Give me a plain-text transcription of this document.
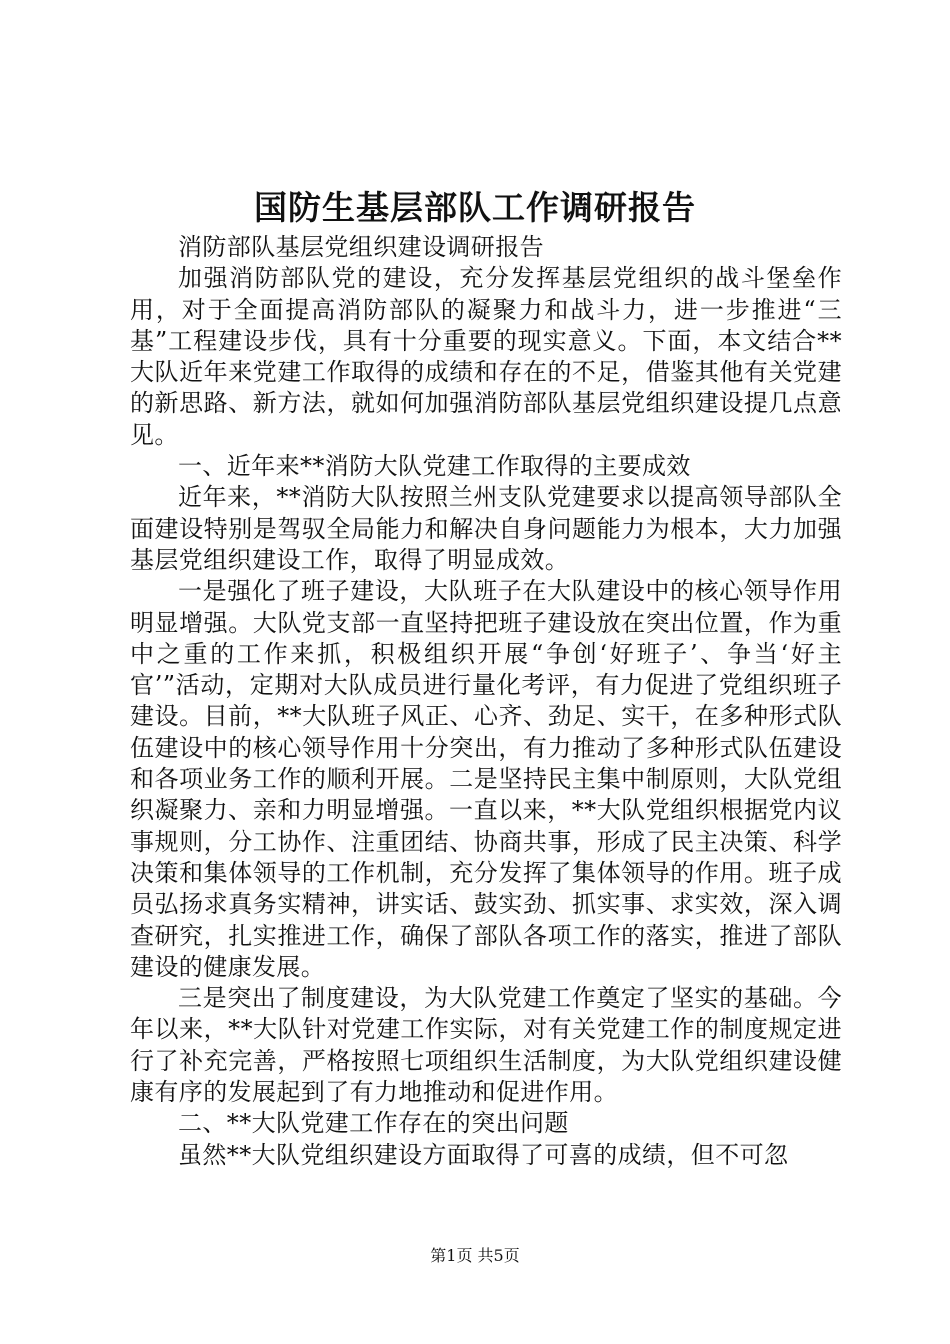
国防生基层部队工作调研报告

消防部队基层党组织建设调研报告

加强消防部队党的建设，充分发挥基层党组织的战斗堡垒作用，对于全面提高消防部队的凝聚力和战斗力，进一步推进“三基”工程建设步伐，具有十分重要的现实意义。下面，本文结合**大队近年来党建工作取得的成绩和存在的不足，借鉴其他有关党建的新思路、新方法，就如何加强消防部队基层党组织建设提几点意见。

一、近年来**消防大队党建工作取得的主要成效

近年来，**消防大队按照兰州支队党建要求以提高领导部队全面建设特别是驾驭全局能力和解决自身问题能力为根本，大力加强基层党组织建设工作，取得了明显成效。

一是强化了班子建设，大队班子在大队建设中的核心领导作用明显增强。大队党支部一直坚持把班子建设放在突出位置，作为重中之重的工作来抓，积极组织开展“争创‘好班子’、争当‘好主官’”活动，定期对大队成员进行量化考评，有力促进了党组织班子建设。目前，**大队班子风正、心齐、劲足、实干，在多种形式队伍建设中的核心领导作用十分突出，有力推动了多种形式队伍建设和各项业务工作的顺利开展。二是坚持民主集中制原则，大队党组织凝聚力、亲和力明显增强。一直以来，**大队党组织根据党内议事规则，分工协作、注重团结、协商共事，形成了民主决策、科学决策和集体领导的工作机制，充分发挥了集体领导的作用。班子成员弘扬求真务实精神，讲实话、鼓实劲、抓实事、求实效，深入调查研究，扎实推进工作，确保了部队各项工作的落实，推进了部队建设的健康发展。

三是突出了制度建设，为大队党建工作奠定了坚实的基础。今年以来，**大队针对党建工作实际，对有关党建工作的制度规定进行了补充完善，严格按照七项组织生活制度，为大队党组织建设健康有序的发展起到了有力地推动和促进作用。

二、**大队党建工作存在的突出问题

虽然**大队党组织建设方面取得了可喜的成绩，但不可忽

第1页 共5页
